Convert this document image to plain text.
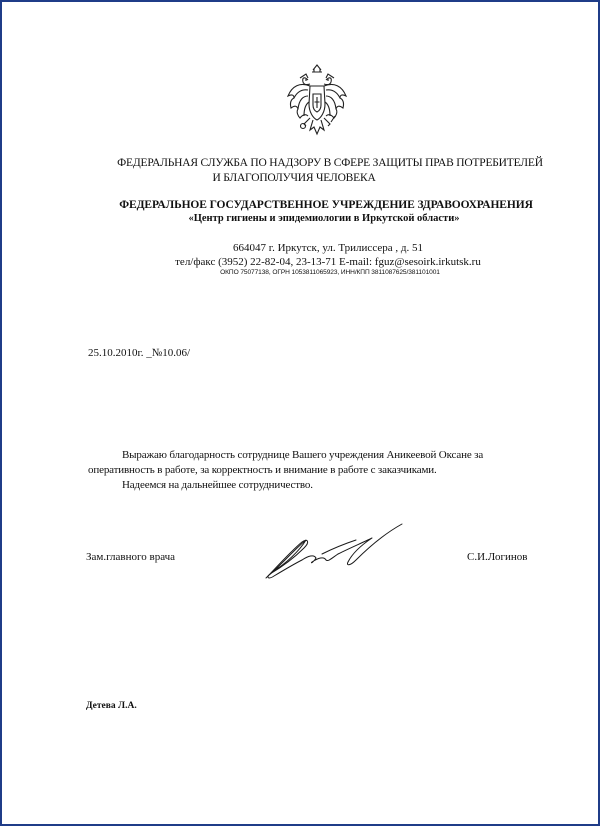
ФЕДЕРАЛЬНАЯ СЛУЖБА ПО НАДЗОРУ В СФЕРЕ ЗАЩИТЫ ПРАВ ПОТРЕБИТЕЛЕЙ
И БЛАГОПОЛУЧИЯ ЧЕЛОВЕКА
ФЕДЕРАЛЬНОЕ ГОСУДАРСТВЕННОЕ УЧРЕЖДЕНИЕ ЗДРАВООХРАНЕНИЯ
«Центр гигиены и эпидемиологии в Иркутской области»
664047 г. Иркутск, ул. Трилиссера , д. 51
тел/факс (3952) 22-82-04, 23-13-71 E-mail: fguz@sesoirk.irkutsk.ru
ОКПО 75077138, ОГРН 1053811065923, ИНН/КПП 3811087625/381101001
25.10.2010г. _№10.06/

Выражаю благодарность сотруднице Вашего учреждения Аникеевой Оксане за

оперативность в работе, за корректность и внимание в работе с заказчиками.

Надеемся на дальнейшее сотрудничество.

Зам.главного врача	С.И.Логинов
Детева Л.А.
